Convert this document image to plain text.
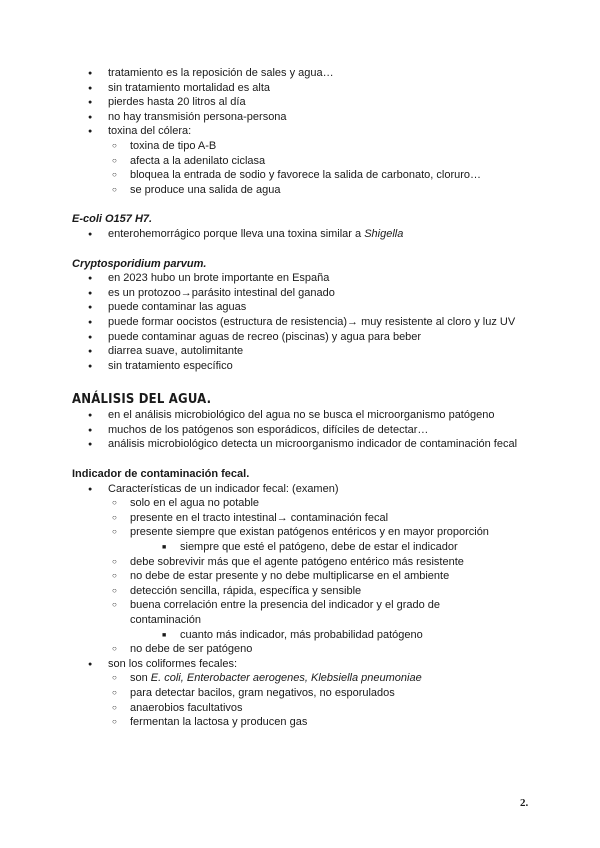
●
tratamiento es la reposición de sales y agua…
●
sin tratamiento mortalidad es alta
●
pierdes hasta 20 litros al día
●
no hay transmisión persona-persona
●
toxina del cólera:
○
toxina de tipo A-B
○
afecta a la adenilato ciclasa
○
bloquea la entrada de sodio y favorece la salida de carbonato, cloruro…
○
se produce una salida de agua
E-coli O157 H7.
●
enterohemorrágico porque lleva una toxina similar a Shigella
Cryptosporidium parvum.
●
en 2023 hubo un brote importante en España
●
es un protozoo→parásito intestinal del ganado
●
puede contaminar las aguas
●
puede formar oocistos (estructura de resistencia)→ muy resistente al cloro y luz UV
●
puede contaminar aguas de recreo (piscinas) y agua para beber
●
diarrea suave, autolimitante
●
sin tratamiento específico
ANÁLISIS DEL AGUA.
●
en el análisis microbiológico del agua no se busca el microorganismo patógeno
●
muchos de los patógenos son esporádicos, difíciles de detectar…
●
análisis microbiológico detecta un microorganismo indicador de contaminación fecal
Indicador de contaminación fecal.
●
Características de un indicador fecal: (examen)
○
solo en el agua no potable
○
presente en el tracto intestinal→ contaminación fecal
○
presente siempre que existan patógenos entéricos y en mayor proporción
■
siempre que esté el patógeno, debe de estar el indicador
○
debe sobrevivir más que el agente patógeno entérico más resistente
○
no debe de estar presente y no debe multiplicarse en el ambiente
○
detección sencilla, rápida, específica y sensible
○
buena correlación entre la presencia del indicador y el grado de
contaminación
■
cuanto más indicador, más probabilidad patógeno
○
no debe de ser patógeno
●
son los coliformes fecales:
○
son E. coli, Enterobacter aerogenes, Klebsiella pneumoniae
○
para detectar bacilos, gram negativos, no esporulados
○
anaerobios facultativos
○
fermentan la lactosa y producen gas
2.
